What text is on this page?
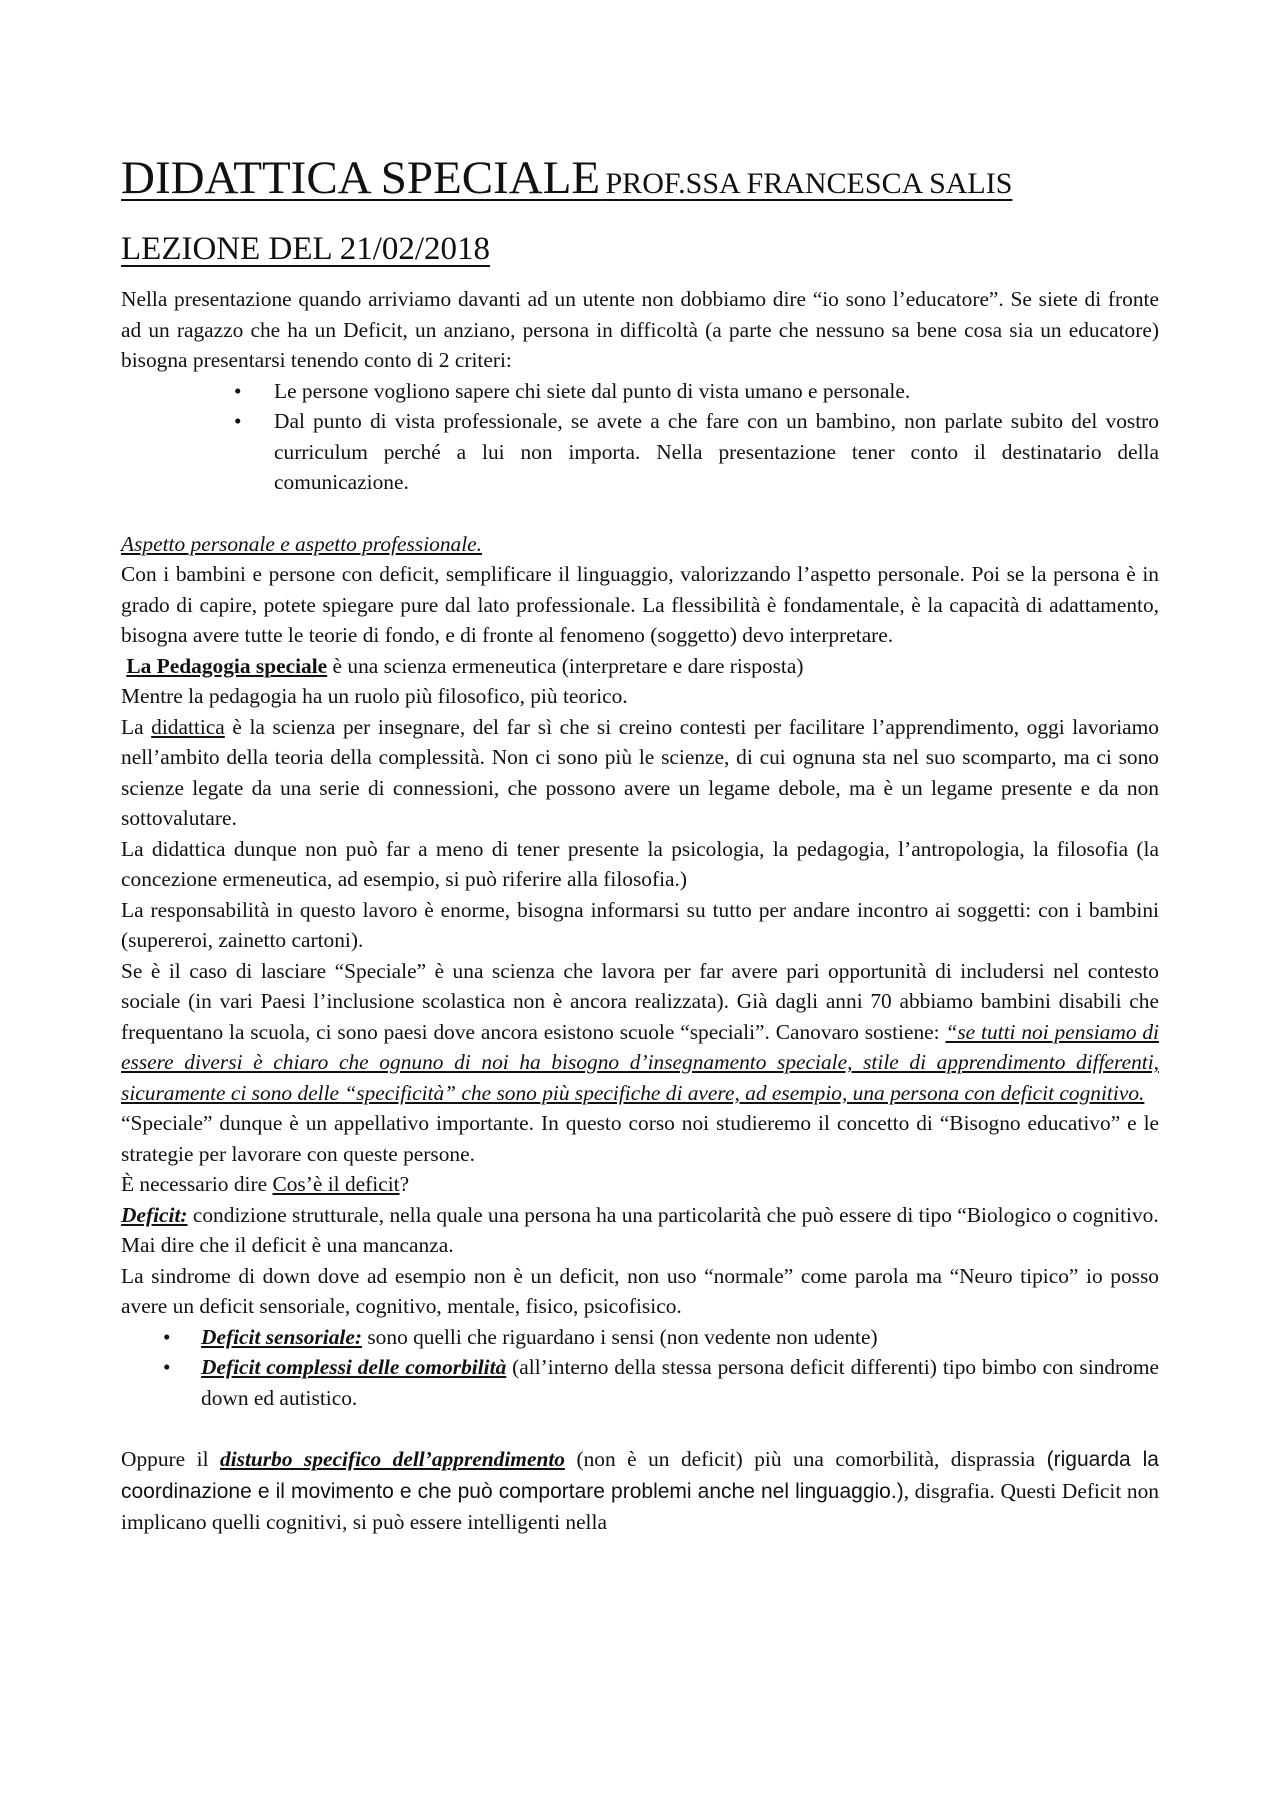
DIDATTICA SPECIALE PROF.SSA FRANCESCA SALIS
LEZIONE DEL 21/02/2018

Nella presentazione quando arriviamo davanti ad un utente non dobbiamo dire “io sono l’educatore”. Se siete di fronte ad un ragazzo che ha un Deficit, un anziano, persona in difficoltà (a parte che nessuno sa bene cosa sia un educatore) bisogna presentarsi tenendo conto di 2 criteri:

• Le persone vogliono sapere chi siete dal punto di vista umano e personale.
• Dal punto di vista professionale, se avete a che fare con un bambino, non parlate subito del vostro curriculum perché a lui non importa. Nella presentazione tener conto il destinatario della comunicazione.

Aspetto personale e aspetto professionale.

Con i bambini e persone con deficit, semplificare il linguaggio, valorizzando l’aspetto personale. Poi se la persona è in grado di capire, potete spiegare pure dal lato professionale. La flessibilità è fondamentale, è la capacità di adattamento, bisogna avere tutte le teorie di fondo, e di fronte al fenomeno (soggetto) devo interpretare.

La Pedagogia speciale è una scienza ermeneutica (interpretare e dare risposta)

Mentre la pedagogia ha un ruolo più filosofico, più teorico.

La didattica è la scienza per insegnare, del far sì che si creino contesti per facilitare l’apprendimento, oggi lavoriamo nell’ambito della teoria della complessità. Non ci sono più le scienze, di cui ognuna sta nel suo scomparto, ma ci sono scienze legate da una serie di connessioni, che possono avere un legame debole, ma è un legame presente e da non sottovalutare.

La didattica dunque non può far a meno di tener presente la psicologia, la pedagogia, l’antropologia, la filosofia (la concezione ermeneutica, ad esempio, si può riferire alla filosofia.)

La responsabilità in questo lavoro è enorme, bisogna informarsi su tutto per andare incontro ai soggetti: con i bambini (supereroi, zainetto cartoni).

Se è il caso di lasciare “Speciale” è una scienza che lavora per far avere pari opportunità di includersi nel contesto sociale (in vari Paesi l’inclusione scolastica non è ancora realizzata). Già dagli anni 70 abbiamo bambini disabili che frequentano la scuola, ci sono paesi dove ancora esistono scuole “speciali”. Canovaro sostiene: “se tutti noi pensiamo di essere diversi è chiaro che ognuno di noi ha bisogno d’insegnamento speciale, stile di apprendimento differenti, sicuramente ci sono delle “specificità” che sono più specifiche di avere, ad esempio, una persona con deficit cognitivo.

“Speciale” dunque è un appellativo importante. In questo corso noi studieremo il concetto di “Bisogno educativo” e le strategie per lavorare con queste persone.

È necessario dire Cos’è il deficit?

Deficit: condizione strutturale, nella quale una persona ha una particolarità che può essere di tipo “Biologico o cognitivo.

Mai dire che il deficit è una mancanza.

La sindrome di down dove ad esempio non è un deficit, non uso “normale” come parola ma “Neuro tipico” io posso avere un deficit sensoriale, cognitivo, mentale, fisico, psicofisico.

• Deficit sensoriale: sono quelli che riguardano i sensi (non vedente non udente)
• Deficit complessi delle comorbilità (all’interno della stessa persona deficit differenti) tipo bimbo con sindrome down ed autistico.

Oppure il disturbo specifico dell’apprendimento (non è un deficit) più una comorbilità, disprassia (riguarda la coordinazione e il movimento e che può comportare problemi anche nel linguaggio.), disgrafia. Questi Deficit non implicano quelli cognitivi, si può essere intelligenti nella
